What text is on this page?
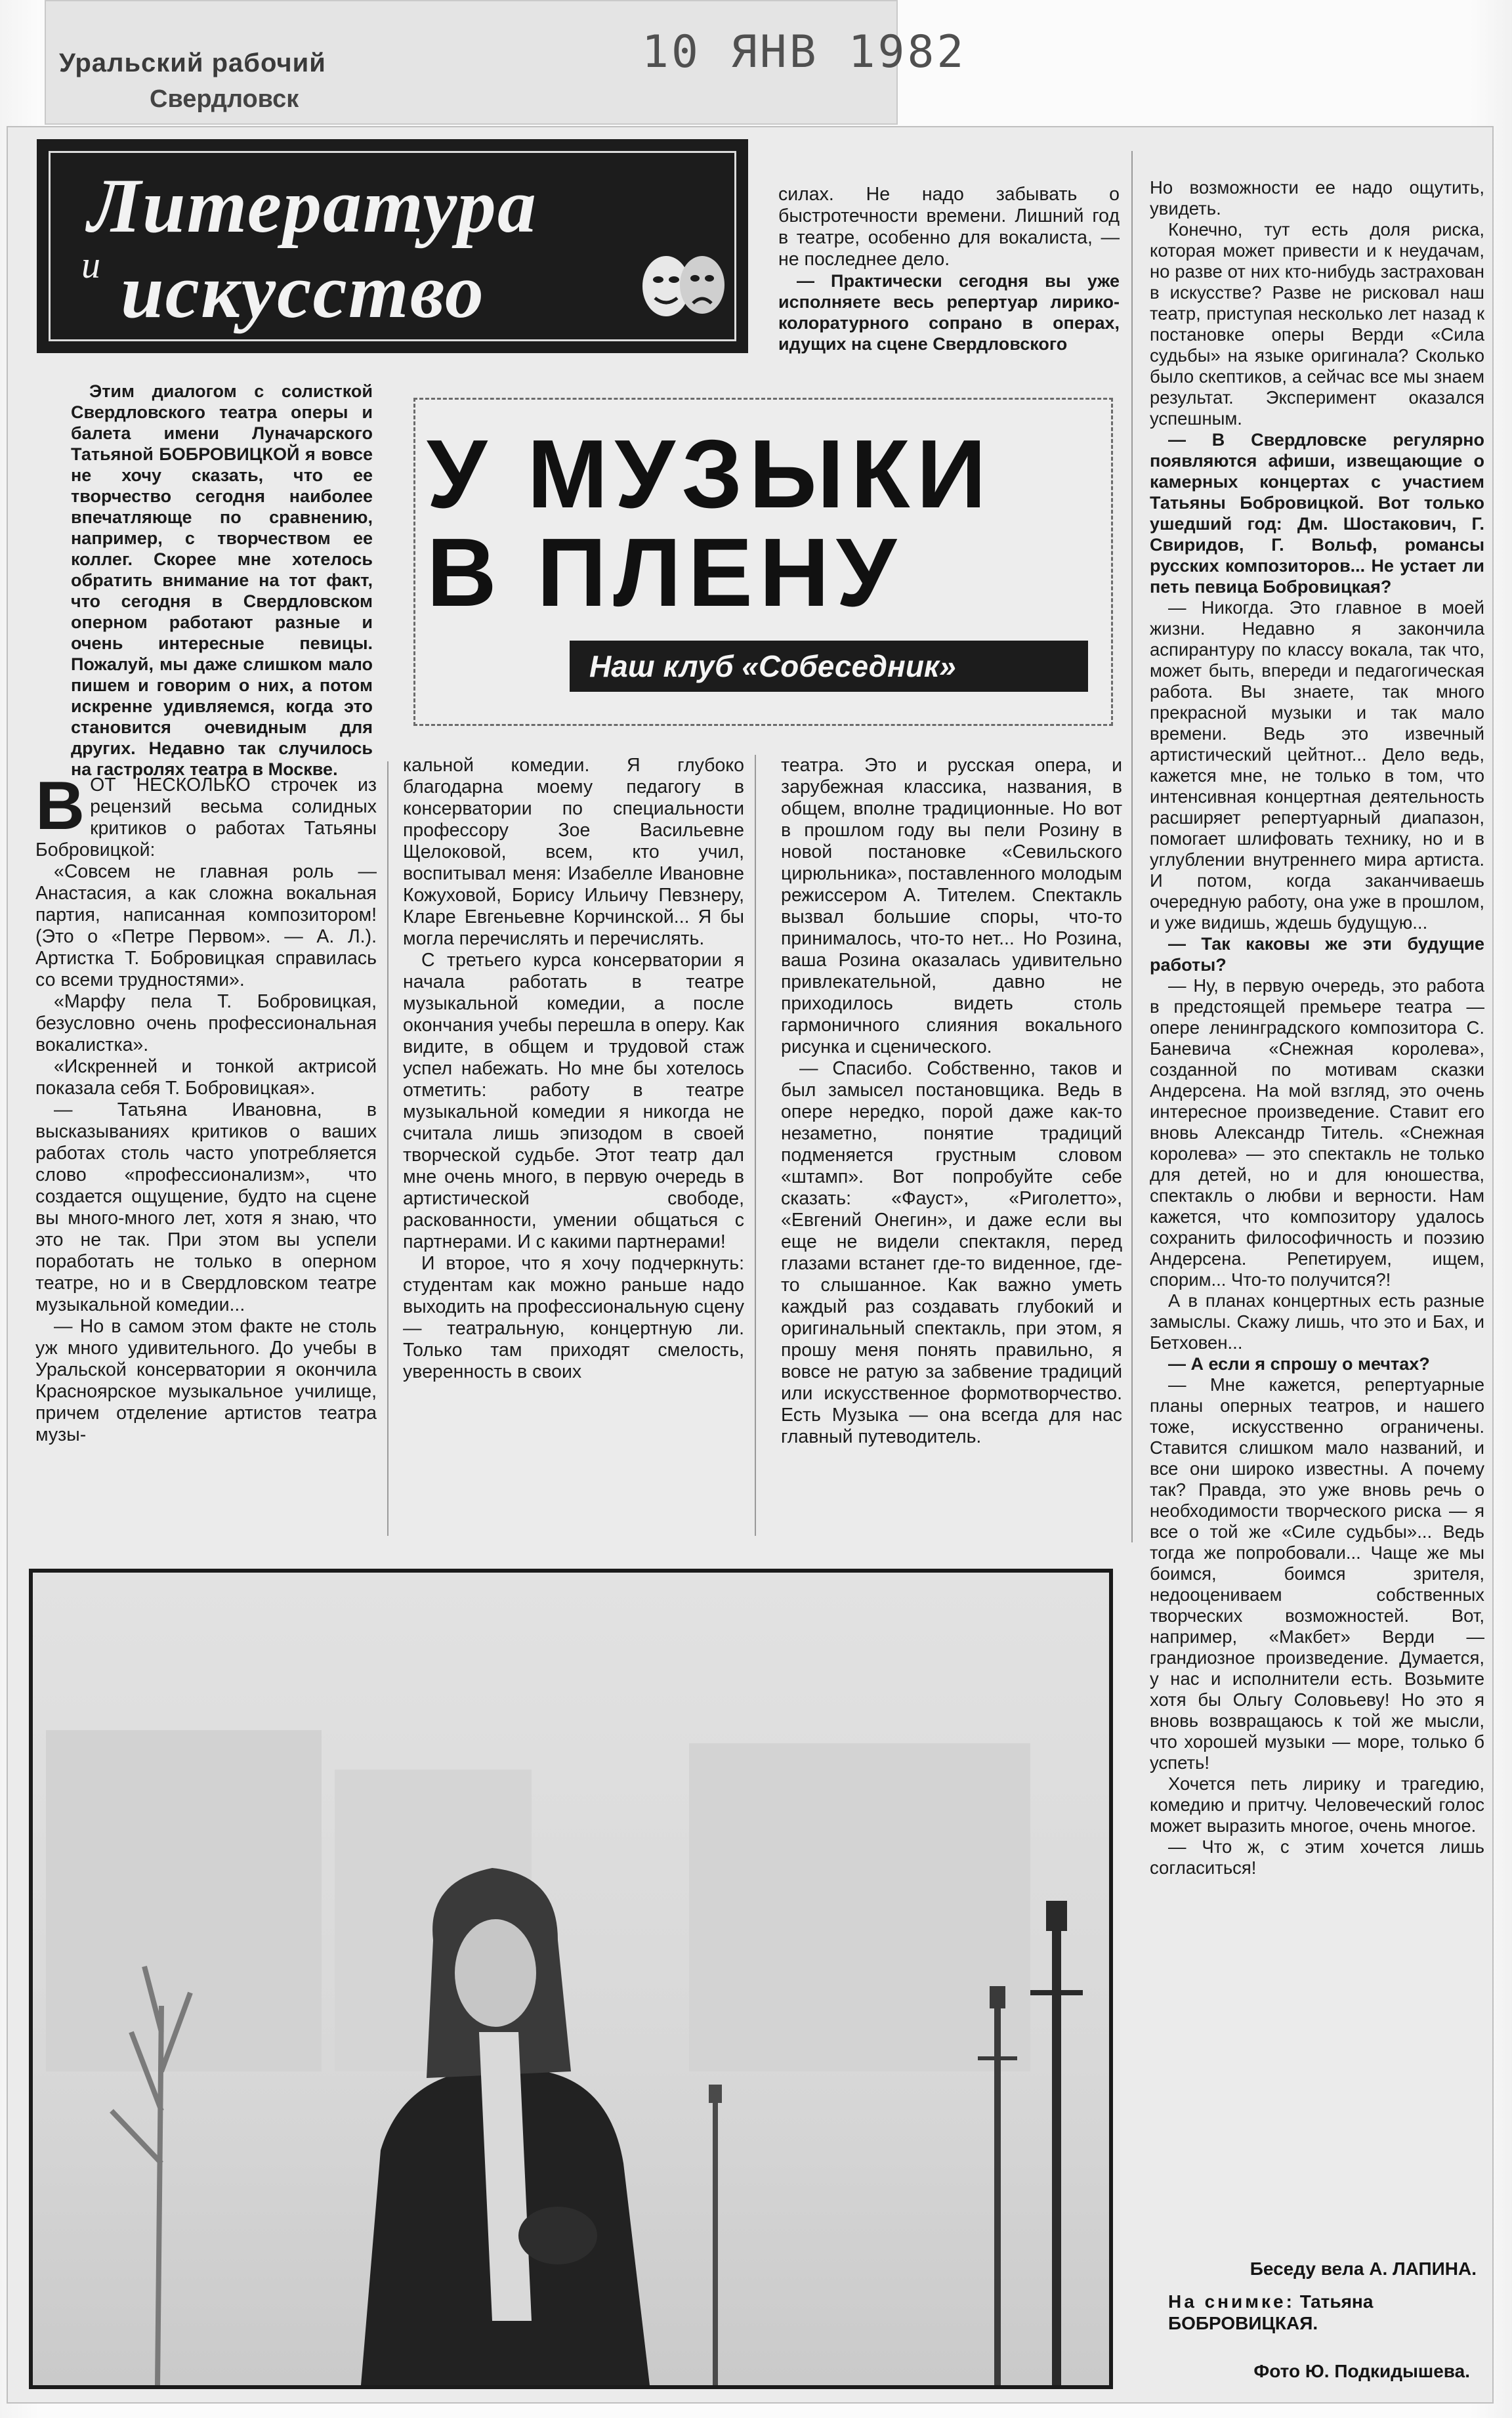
Уральский рабочий
Свердловск
10 ЯНВ 1982
Литература
и искусство
У МУЗЫКИ
В ПЛЕНУ
Наш клуб «Собеседник»

Этим диалогом с солисткой Свердловского театра оперы и балета имени Луначарского Татьяной БОБРОВИЦКОЙ я вовсе не хочу сказать, что ее творчество сегодня наиболее впечатляюще по сравнению, например, с творчеством ее коллег. Скорее мне хотелось обратить внимание на тот факт, что сегодня в Свердловском оперном работают разные и очень интересные певицы. Пожалуй, мы даже слишком мало пишем и говорим о них, а потом искренне удивляемся, когда это становится очевидным для других. Недавно так случилось на гастролях театра в Москве.

ВОТ НЕСКОЛЬКО строчек из рецензий весьма солидных критиков о работах Татьяны Бобровицкой:

«Совсем не главная роль — Анастасия, а как сложна вокальная партия, написанная композитором! (Это о «Петре Первом». — А. Л.). Артистка Т. Бобровицкая справилась со всеми трудностями».

«Марфу пела Т. Бобровицкая, безусловно очень профессиональная вокалистка».

«Искренней и тонкой актрисой показала себя Т. Бобровицкая».

— Татьяна Ивановна, в высказываниях критиков о ваших работах столь часто употребляется слово «профессионализм», что создается ощущение, будто на сцене вы много-много лет, хотя я знаю, что это не так. При этом вы успели поработать не только в оперном театре, но и в Свердловском театре музыкальной комедии...

— Но в самом этом факте не столь уж много удивительного. До учебы в Уральской консерватории я окончила Красноярское музыкальное училище, причем отделение артистов театра музы-

кальной комедии. Я глубоко благодарна моему педагогу в консерватории по специальности профессору Зое Васильевне Щелоковой, всем, кто учил, воспитывал меня: Изабелле Ивановне Кожуховой, Борису Ильичу Певзнеру, Кларе Евгеньевне Корчинской... Я бы могла перечислять и перечислять.

С третьего курса консерватории я начала работать в театре музыкальной комедии, а после окончания учебы перешла в оперу. Как видите, в общем и трудовой стаж успел набежать. Но мне бы хотелось отметить: работу в театре музыкальной комедии я никогда не считала лишь эпизодом в своей творческой судьбе. Этот театр дал мне очень много, в первую очередь в артистической свободе, раскованности, умении общаться с партнерами. И с какими партнерами!

И второе, что я хочу подчеркнуть: студентам как можно раньше надо выходить на профессиональную сцену — театральную, концертную ли. Только там приходят смелость, уверенность в своих

силах. Не надо забывать о быстротечности времени. Лишний год в театре, особенно для вокалиста, — не последнее дело.

— Практически сегодня вы уже исполняете весь репертуар лирико-колоратурного сопрано в операх, идущих на сцене Свердловского

театра. Это и русская опера, и зарубежная классика, названия, в общем, вполне традиционные. Но вот в прошлом году вы пели Розину в новой постановке «Севильского цирюльника», поставленного молодым режиссером А. Тителем. Спектакль вызвал большие споры, что-то принималось, что-то нет... Но Розина, ваша Розина оказалась удивительно привлекательной, давно не приходилось видеть столь гармоничного слияния вокального рисунка и сценического.

— Спасибо. Собственно, таков и был замысел постановщика. Ведь в опере нередко, порой даже как-то незаметно, понятие традиций подменяется грустным словом «штамп». Вот попробуйте себе сказать: «Фауст», «Риголетто», «Евгений Онегин», и даже если вы еще не видели спектакля, перед глазами встанет где-то виденное, где-то слышанное. Как важно уметь каждый раз создавать глубокий и оригинальный спектакль, при этом, я прошу меня понять правильно, я вовсе не ратую за забвение традиций или искусственное формотворчество. Есть Музыка — она всегда для нас главный путеводитель.

Но возможности ее надо ощутить, увидеть.

Конечно, тут есть доля риска, которая может привести и к неудачам, но разве от них кто-нибудь застрахован в искусстве? Разве не рисковал наш театр, приступая несколько лет назад к постановке оперы Верди «Сила судьбы» на языке оригинала? Сколько было скептиков, а сейчас все мы знаем результат. Эксперимент оказался успешным.

— В Свердловске регулярно появляются афиши, извещающие о камерных концертах с участием Татьяны Бобровицкой. Вот только ушедший год: Дм. Шостакович, Г. Свиридов, Г. Вольф, романсы русских композиторов... Не устает ли петь певица Бобровицкая?

— Никогда. Это главное в моей жизни. Недавно я закончила аспирантуру по классу вокала, так что, может быть, впереди и педагогическая работа. Вы знаете, так много прекрасной музыки и так мало времени. Ведь это извечный артистический цейтнот... Дело ведь, кажется мне, не только в том, что интенсивная концертная деятельность расширяет репертуарный диапазон, помогает шлифовать технику, но и в углублении внутреннего мира артиста. И потом, когда заканчиваешь очередную работу, она уже в прошлом, и уже видишь, ждешь будущую...

— Так каковы же эти будущие работы?

— Ну, в первую очередь, это работа в предстоящей премьере театра — опере ленинградского композитора С. Баневича «Снежная королева», созданной по мотивам сказки Андерсена. На мой взгляд, это очень интересное произведение. Ставит его вновь Александр Титель. «Снежная королева» — это спектакль не только для детей, но и для юношества, спектакль о любви и верности. Нам кажется, что композитору удалось сохранить философичность и поэзию Андерсена. Репетируем, ищем, спорим... Что-то получится?!

А в планах концертных есть разные замыслы. Скажу лишь, что это и Бах, и Бетховен...

— А если я спрошу о мечтах?

— Мне кажется, репертуарные планы оперных театров, и нашего тоже, искусственно ограничены. Ставится слишком мало названий, и все они широко известны. А почему так? Правда, это уже вновь речь о необходимости творческого риска — я все о той же «Силе судьбы»... Ведь тогда же попробовали... Чаще же мы боимся, боимся зрителя, недооцениваем собственных творческих возможностей. Вот, например, «Макбет» Верди — грандиозное произведение. Думается, у нас и исполнители есть. Возьмите хотя бы Ольгу Соловьеву! Но это я вновь возвращаюсь к той же мысли, что хорошей музыки — море, только б успеть!

Хочется петь лирику и трагедию, комедию и притчу. Человеческий голос может выразить многое, очень многое.

— Что ж, с этим хочется лишь согласиться!

Беседу вела А. ЛАПИНА.
На снимке: Татьяна БОБРОВИЦКАЯ.
Фото Ю. Подкидышева.
